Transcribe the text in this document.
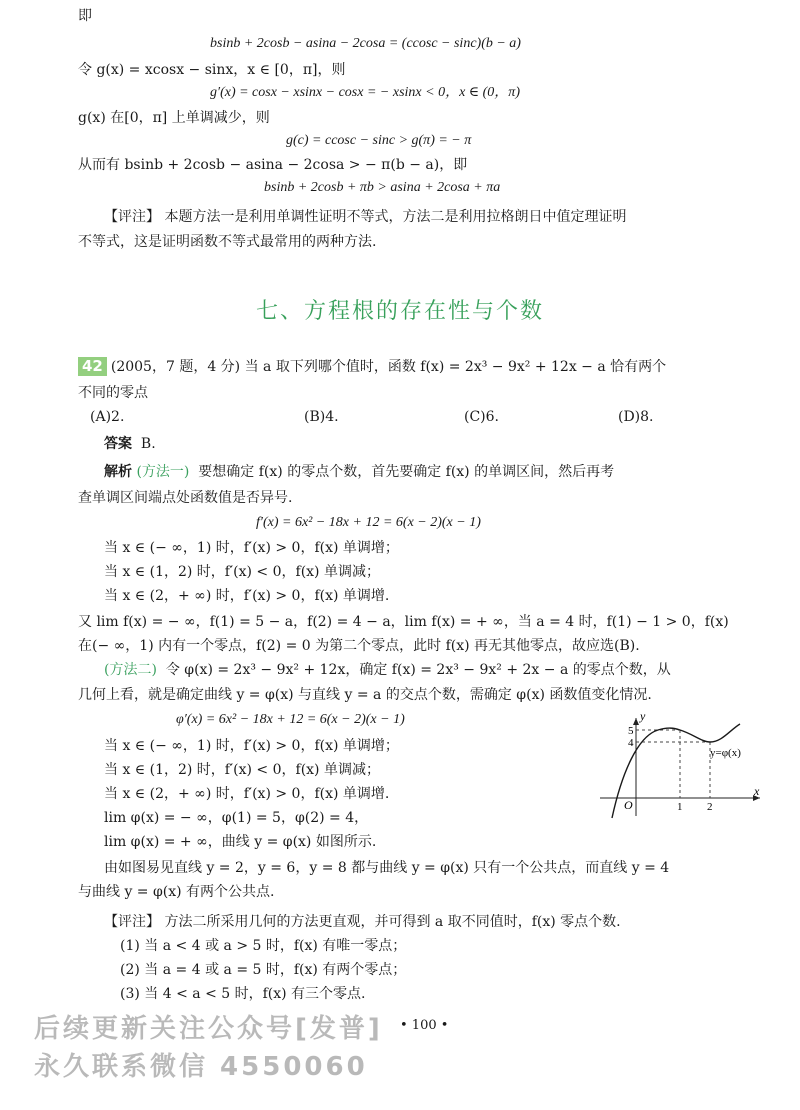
即
bsinb + 2cosb − asina − 2cosa = (ccosc − sinc)(b − a)
令 g(x) = xcosx − sinx，x ∈ [0，π]，则
g′(x) = cosx − xsinx − cosx = − xsinx < 0，x ∈ (0，π)
g(x) 在[0，π] 上单调减少，则
g(c) = ccosc − sinc > g(π) = − π
从而有 bsinb + 2cosb − asina − 2cosa > − π(b − a)，即
bsinb + 2cosb + πb > asina + 2cosa + πa
【评注】 本题方法一是利用单调性证明不等式，方法二是利用拉格朗日中值定理证明
不等式，这是证明函数不等式最常用的两种方法.
七、方程根的存在性与个数
42 (2005，7 题，4 分) 当 a 取下列哪个值时，函数 f(x) = 2x³ − 9x² + 12x − a 恰有两个
不同的零点
(A)2.	(B)4.	(C)6.	(D)8.
答案 B.
解析 (方法一) 要想确定 f(x) 的零点个数，首先要确定 f(x) 的单调区间，然后再考
查单调区间端点处函数值是否异号.
f′(x) = 6x² − 18x + 12 = 6(x − 2)(x − 1)
当 x ∈ (− ∞，1) 时，f′(x) > 0，f(x) 单调增；
当 x ∈ (1，2) 时，f′(x) < 0，f(x) 单调减；
当 x ∈ (2，+ ∞) 时，f′(x) > 0，f(x) 单调增.
又 lim f(x) = − ∞，f(1) = 5 − a，f(2) = 4 − a，lim f(x) = + ∞，当 a = 4 时，f(1) − 1 > 0，f(x)
在(− ∞，1) 内有一个零点，f(2) = 0 为第二个零点，此时 f(x) 再无其他零点，故应选(B).
(方法二) 令 φ(x) = 2x³ − 9x² + 12x，确定 f(x) = 2x³ − 9x² + 2x − a 的零点个数，从
几何上看，就是确定曲线 y = φ(x) 与直线 y = a 的交点个数，需确定 φ(x) 函数值变化情况.
φ′(x) = 6x² − 18x + 12 = 6(x − 2)(x − 1)
当 x ∈ (− ∞，1) 时，f′(x) > 0，f(x) 单调增；
当 x ∈ (1，2) 时，f′(x) < 0，f(x) 单调减；
当 x ∈ (2，+ ∞) 时，f′(x) > 0，f(x) 单调增.
lim φ(x) = − ∞，φ(1) = 5，φ(2) = 4，
lim φ(x) = + ∞，曲线 y = φ(x) 如图所示.
由如图易见直线 y = 2，y = 6，y = 8 都与曲线 y = φ(x) 只有一个公共点，而直线 y = 4
与曲线 y = φ(x) 有两个公共点.
【评注】 方法二所采用几何的方法更直观，并可得到 a 取不同值时，f(x) 零点个数.
(1) 当 a < 4 或 a > 5 时，f(x) 有唯一零点；
(2) 当 a = 4 或 a = 5 时，f(x) 有两个零点；
(3) 当 4 < a < 5 时，f(x) 有三个零点.
y
x
O
5
4
1 2
y=φ(x)
• 100 •
后续更新关注公众号[发普]
永久联系微信 4550060
